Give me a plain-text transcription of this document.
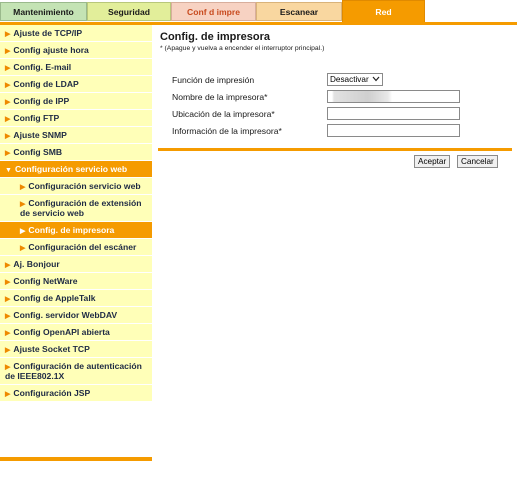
Mantenimiento	Seguridad	Conf d impre	Escanear	Red
▶ Ajuste de TCP/IP
▶ Config ajuste hora
▶ Config. E-mail
▶ Config de LDAP
▶ Config de IPP
▶ Config FTP
▶ Ajuste SNMP
▶ Config SMB
▼ Configuración servicio web
▶ Configuración servicio web
▶ Configuración de extensión de servicio web
▶ Config. de impresora
▶ Configuración del escáner
▶ Aj. Bonjour
▶ Config NetWare
▶ Config de AppleTalk
▶ Config. servidor WebDAV
▶ Config OpenAPI abierta
▶ Ajuste Socket TCP
▶ Configuración de autenticación de IEEE802.1X
▶ Configuración JSP
Config. de impresora
* (Apague y vuelva a encender el interruptor principal.)
Función de impresión	Desactivar
Nombre de la impresora*
Ubicación de la impresora*
Información de la impresora*
Aceptar	Cancelar
